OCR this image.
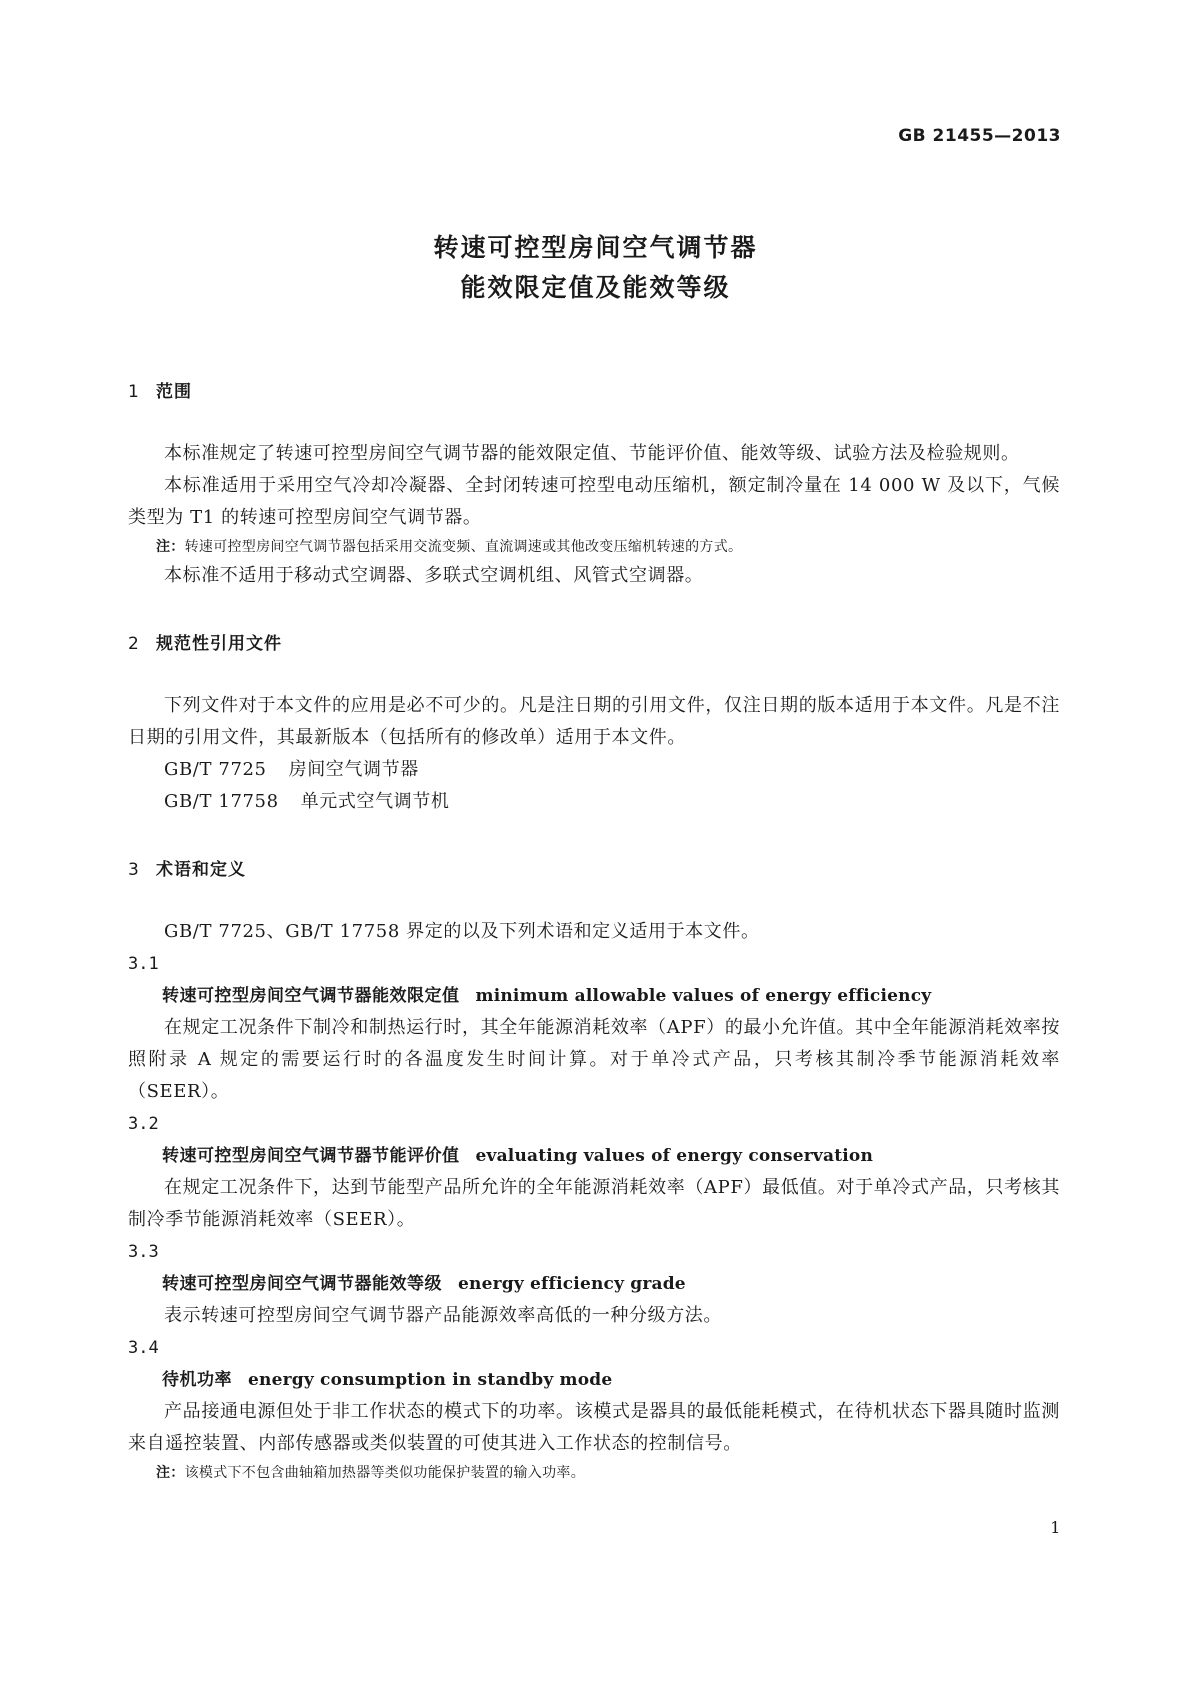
GB 21455—2013

转速可控型房间空气调节器
能效限定值及能效等级
1 范围

本标准规定了转速可控型房间空气调节器的能效限定值、节能评价值、能效等级、试验方法及检验规则。

本标准适用于采用空气冷却冷凝器、全封闭转速可控型电动压缩机，额定制冷量在 14 000 W 及以下，气候类型为 T1 的转速可控型房间空气调节器。

注：转速可控型房间空气调节器包括采用交流变频、直流调速或其他改变压缩机转速的方式。

本标准不适用于移动式空调器、多联式空调机组、风管式空调器。

2 规范性引用文件

下列文件对于本文件的应用是必不可少的。凡是注日期的引用文件，仅注日期的版本适用于本文件。凡是不注日期的引用文件，其最新版本（包括所有的修改单）适用于本文件。

GB/T 7725 房间空气调节器

GB/T 17758 单元式空气调节机

3 术语和定义

GB/T 7725、GB/T 17758 界定的以及下列术语和定义适用于本文件。

3.1
转速可控型房间空气调节器能效限定值 minimum allowable values of energy efficiency

在规定工况条件下制冷和制热运行时，其全年能源消耗效率（APF）的最小允许值。其中全年能源消耗效率按照附录 A 规定的需要运行时的各温度发生时间计算。对于单冷式产品，只考核其制冷季节能源消耗效率（SEER）。

3.2
转速可控型房间空气调节器节能评价值 evaluating values of energy conservation

在规定工况条件下，达到节能型产品所允许的全年能源消耗效率（APF）最低值。对于单冷式产品，只考核其制冷季节能源消耗效率（SEER）。

3.3
转速可控型房间空气调节器能效等级 energy efficiency grade

表示转速可控型房间空气调节器产品能源效率高低的一种分级方法。

3.4
待机功率 energy consumption in standby mode

产品接通电源但处于非工作状态的模式下的功率。该模式是器具的最低能耗模式，在待机状态下器具随时监测来自遥控装置、内部传感器或类似装置的可使其进入工作状态的控制信号。

注：该模式下不包含曲轴箱加热器等类似功能保护装置的输入功率。

1
